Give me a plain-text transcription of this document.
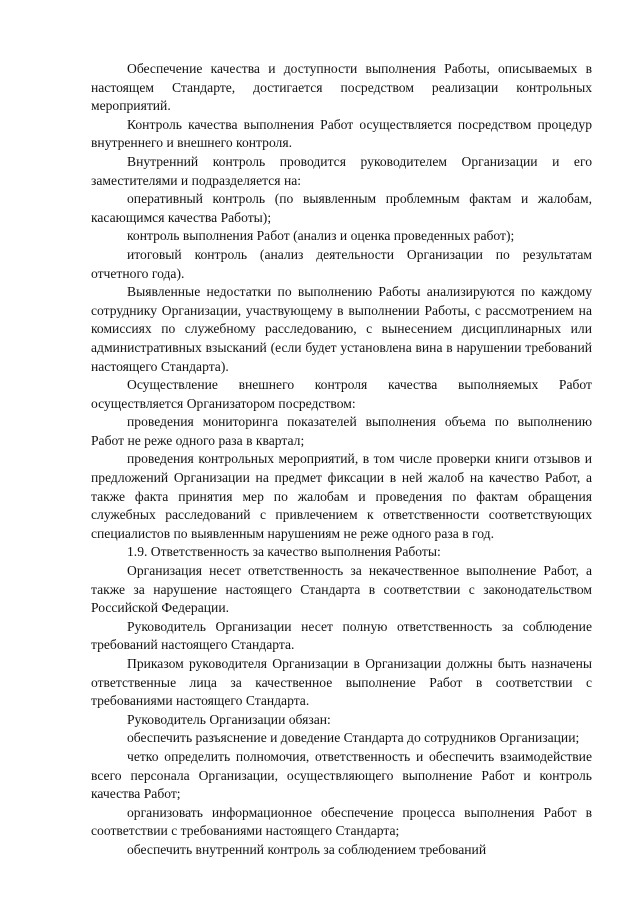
Обеспечение качества и доступности выполнения Работы, описываемых в настоящем Стандарте, достигается посредством реализации контрольных мероприятий.

Контроль качества выполнения Работ осуществляется посредством процедур внутреннего и внешнего контроля.

Внутренний контроль проводится руководителем Организации и его заместителями и подразделяется на:

оперативный контроль (по выявленным проблемным фактам и жалобам, касающимся качества Работы);

контроль выполнения Работ (анализ и оценка проведенных работ);

итоговый контроль (анализ деятельности Организации по результатам отчетного года).

Выявленные недостатки по выполнению Работы анализируются по каждому сотруднику Организации, участвующему в выполнении Работы, с рассмотрением на комиссиях по служебному расследованию, с вынесением дисциплинарных или административных взысканий (если будет установлена вина в нарушении требований настоящего Стандарта).

Осуществление внешнего контроля качества выполняемых Работ осуществляется Организатором посредством:

проведения мониторинга показателей выполнения объема по выполнению Работ не реже одного раза в квартал;

проведения контрольных мероприятий, в том числе проверки книги отзывов и предложений Организации на предмет фиксации в ней жалоб на качество Работ, а также факта принятия мер по жалобам и проведения по фактам обращения служебных расследований с привлечением к ответственности соответствующих специалистов по выявленным нарушениям не реже одного раза в год.

1.9. Ответственность за качество выполнения Работы:

Организация несет ответственность за некачественное выполнение Работ, а также за нарушение настоящего Стандарта в соответствии с законодательством Российской Федерации.

Руководитель Организации несет полную ответственность за соблюдение требований настоящего Стандарта.

Приказом руководителя Организации в Организации должны быть назначены ответственные лица за качественное выполнение Работ в соответствии с требованиями настоящего Стандарта.

Руководитель Организации обязан:

обеспечить разъяснение и доведение Стандарта до сотрудников Организации;

четко определить полномочия, ответственность и обеспечить взаимодействие всего персонала Организации, осуществляющего выполнение Работ и контроль качества Работ;

организовать информационное обеспечение процесса выполнения Работ в соответствии с требованиями настоящего Стандарта;

обеспечить внутренний контроль за соблюдением требований
